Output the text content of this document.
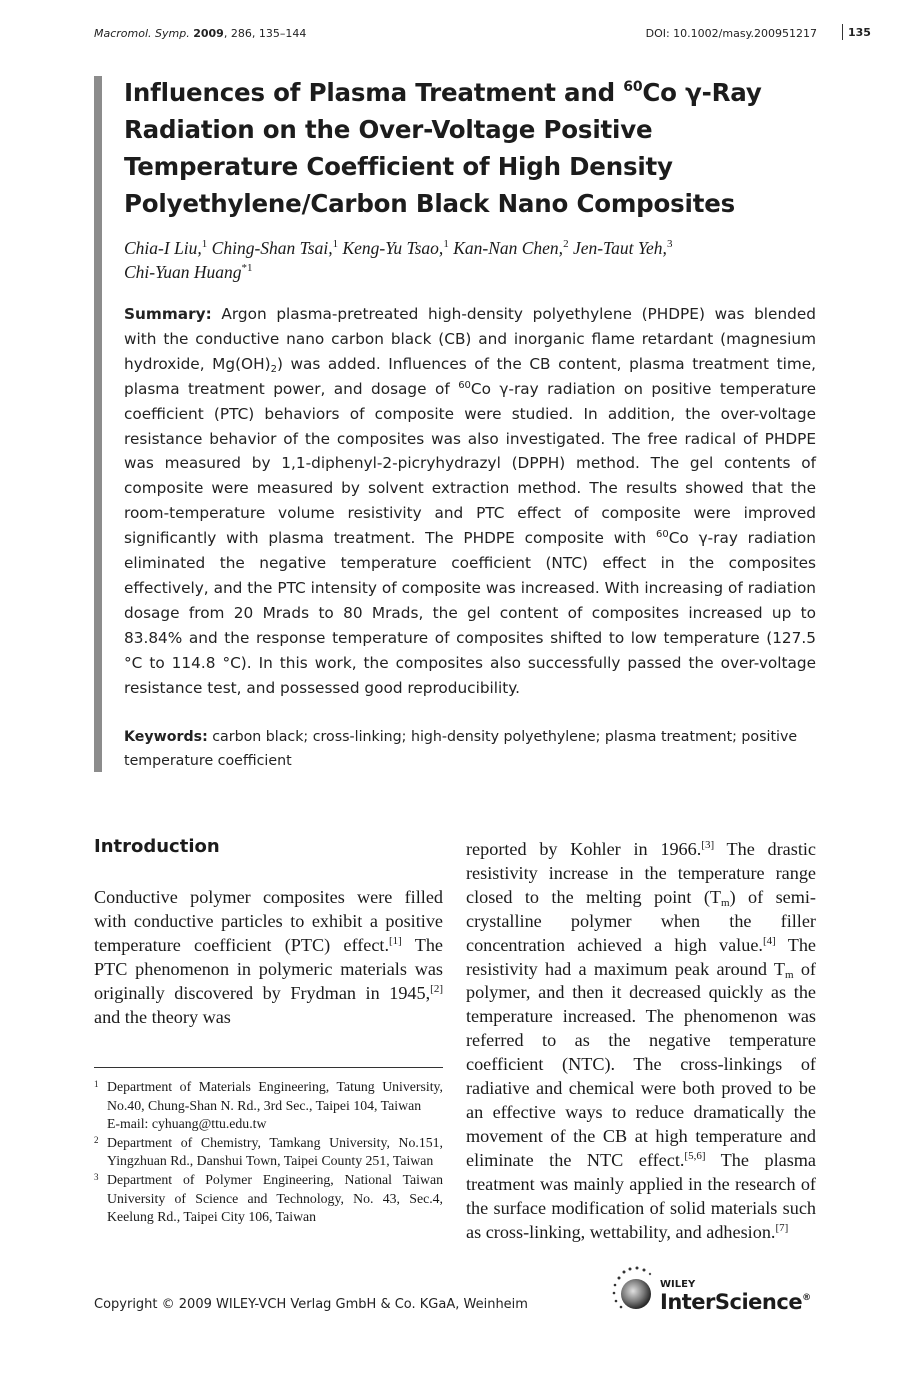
Macromol. Symp. 2009, 286, 135–144	DOI: 10.1002/masy.200951217	135
Influences of Plasma Treatment and $^{60}$Co γ-Ray Radiation on the Over-Voltage Positive Temperature Coefficient of High Density Polyethylene/Carbon Black Nano Composites
Chia-I Liu,$^1$ Ching-Shan Tsai,$^1$ Keng-Yu Tsao,$^1$ Kan-Nan Chen,$^2$ Jen-Taut Yeh,$^3$
Chi-Yuan Huang$^{*1}$
Summary: Argon plasma-pretreated high-density polyethylene (PHDPE) was blended with the conductive nano carbon black (CB) and inorganic flame retardant (magnesium hydroxide, $Mg(OH)_2$) was added. Influences of the CB content, plasma treatment time, plasma treatment power, and dosage of $^{60}$Co γ-ray radiation on positive temperature coefficient (PTC) behaviors of composite were studied. In addition, the over-voltage resistance behavior of the composites was also investigated. The free radical of PHDPE was measured by 1,1-diphenyl-2-picryhydrazyl (DPPH) method. The gel contents of composite were measured by solvent extraction method. The results showed that the room-temperature volume resistivity and PTC effect of composite were improved significantly with plasma treatment. The PHDPE composite with $^{60}$Co γ-ray radiation eliminated the negative temperature coefficient (NTC) effect in the composites effectively, and the PTC intensity of composite was increased. With increasing of radiation dosage from 20 Mrads to 80 Mrads, the gel content of composites increased up to 83.84% and the response temperature of composites shifted to low temperature (127.5 °C to 114.8 °C). In this work, the composites also successfully passed the over-voltage resistance test, and possessed good reproducibility.
Keywords: carbon black; cross-linking; high-density polyethylene; plasma treatment; positive temperature coefficient
Introduction
Conductive polymer composites were filled with conductive particles to exhibit a positive temperature coefficient (PTC) effect.[1] The PTC phenomenon in polymeric materials was originally discovered by Frydman in 1945,[2] and the theory was
reported by Kohler in 1966.[3] The drastic resistivity increase in the temperature range closed to the melting point $(T_m)$ of semi-crystalline polymer when the filler concentration achieved a high value.[4] The resistivity had a maximum peak around $T_m$ of polymer, and then it decreased quickly as the temperature increased. The phenomenon was referred to as the negative temperature coefficient (NTC). The cross-linkings of radiative and chemical were both proved to be an effective ways to reduce dramatically the movement of the CB at high temperature and eliminate the NTC effect.[5,6] The plasma treatment was mainly applied in the research of the surface modification of solid materials such as cross-linking, wettability, and adhesion.[7]
1 Department of Materials Engineering, Tatung University, No.40, Chung-Shan N. Rd., 3rd Sec., Taipei 104, Taiwan
E-mail: cyhuang@ttu.edu.tw
2 Department of Chemistry, Tamkang University, No.151, Yingzhuan Rd., Danshui Town, Taipei County 251, Taiwan
3 Department of Polymer Engineering, National Taiwan University of Science and Technology, No. 43, Sec.4, Keelung Rd., Taipei City 106, Taiwan
Copyright © 2009 WILEY-VCH Verlag GmbH & Co. KGaA, Weinheim
WILEY
InterScience®
